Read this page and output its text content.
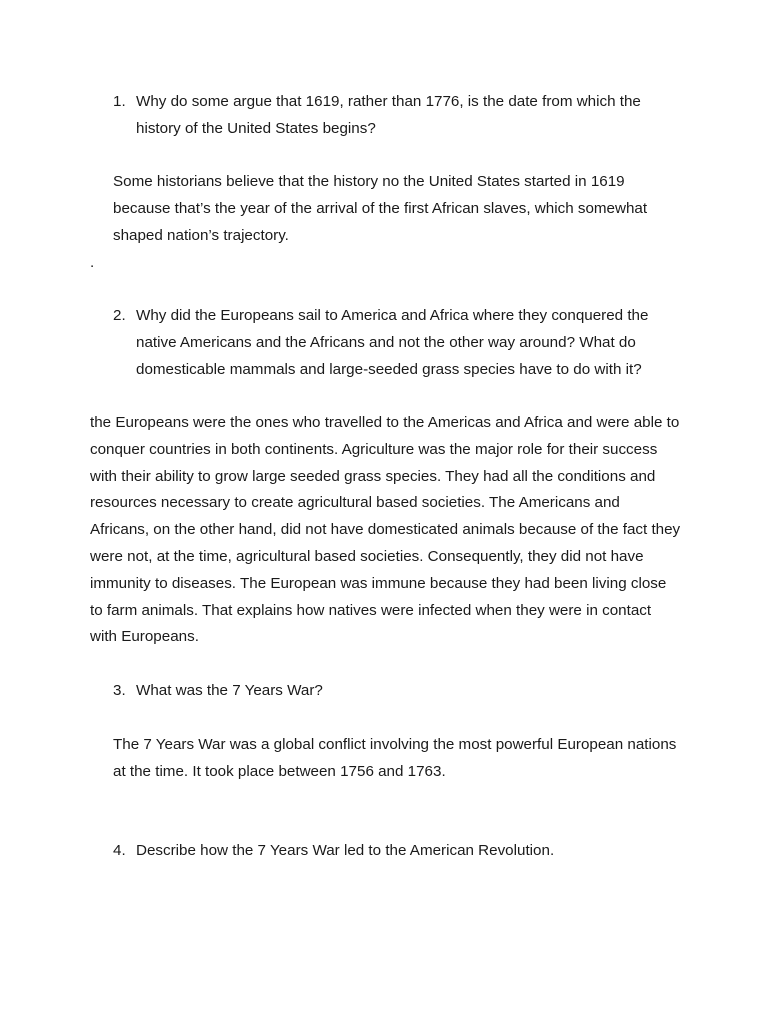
1. Why do some argue that 1619, rather than 1776, is the date from which the history of the United States begins?

Some historians believe that the history no the United States started in 1619 because that’s the year of the arrival of the first African slaves, which somewhat shaped nation’s trajectory.

.

2. Why did the Europeans sail to America and Africa where they conquered the native Americans and the Africans and not the other way around? What do domesticable mammals and large-seeded grass species have to do with it?

the Europeans were the ones who travelled to the Americas and Africa and were able to conquer countries in both continents. Agriculture was the major role for their success with their ability to grow large seeded grass species. They had all the conditions and resources necessary to create agricultural based societies. The Americans and Africans, on the other hand, did not have domesticated animals because of the fact they were not, at the time, agricultural based societies. Consequently, they did not have immunity to diseases. The European was immune because they had been living close to farm animals. That explains how natives were infected when they were in contact with Europeans.

3. What was the 7 Years War?

The 7 Years War was a global conflict involving the most powerful European nations at the time. It took place between 1756 and 1763.

4. Describe how the 7 Years War led to the American Revolution.
